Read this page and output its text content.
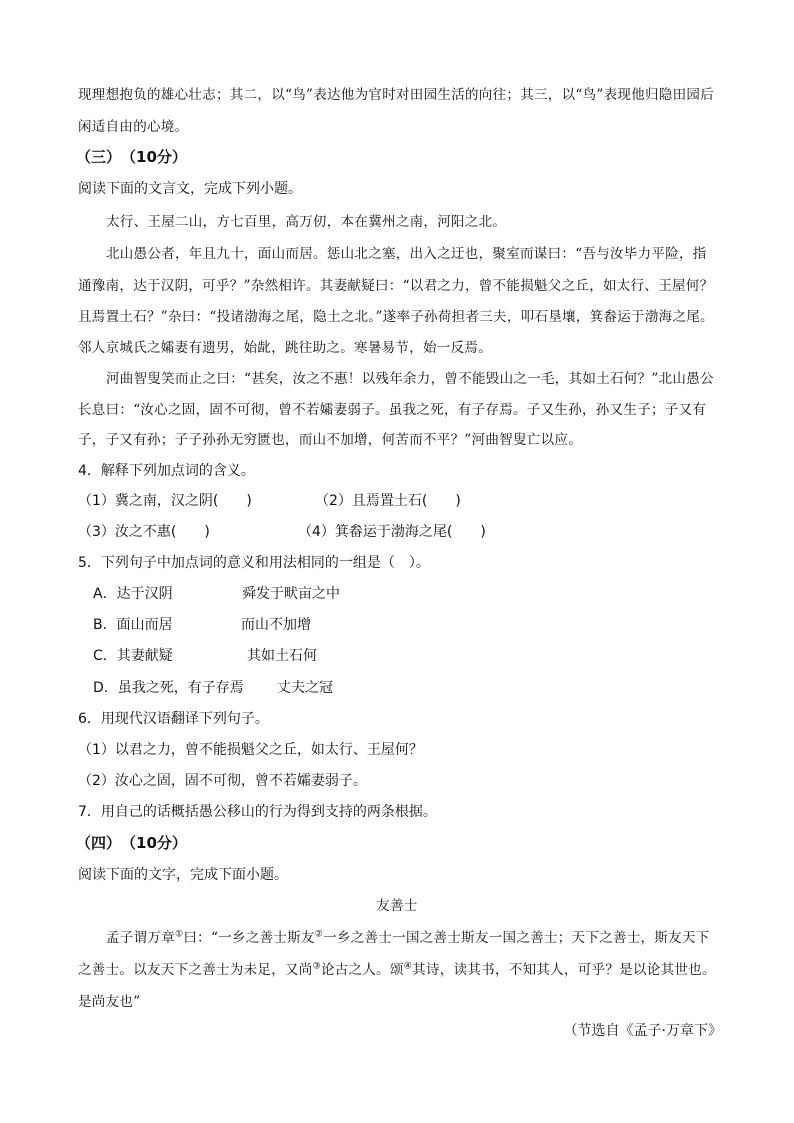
现理想抱负的雄心壮志；其二，以“鸟”表达他为官时对田园生活的向往；其三，以“鸟”表现他归隐田园后
闲适自由的心境。
（三）　（10分）
阅读下面的文言文，完成下列小题。
太行、王屋二山，方七百里，高万仞，本在冀州之南，河阳之北。
北山愚公者，年且九十，面山而居。惩山北之塞，出入之迂也，聚室而谋曰：“吾与汝毕力平险，指
通豫南，达于汉阴，可乎？”杂然相许。其妻献疑曰：“以君之力，曾不能损魁父之丘，如太行、王屋何？
且焉置土石？”杂曰：“投诸渤海之尾，隐土之北。”遂率子孙荷担者三夫，叩石垦壤，箕畚运于渤海之尾。
邻人京城氏之孀妻有遗男，始龀，跳往助之。寒暑易节，始一反焉。
河曲智叟笑而止之曰：“甚矣，汝之不惠！以残年余力，曾不能毁山之一毛，其如土石何？”北山愚公
长息曰：“汝心之固，固不可彻，曾不若孀妻弱子。虽我之死，有子存焉。子又生孙，孙又生子；子又有
子，子又有孙；子子孙孙无穷匮也，而山不加增，何苦而不平？”河曲智叟亡以应。
4．解释下列加点词的含义。
（1）冀之南，汉之阴(　　)	（2）且焉置土石(　　)
（3）汝之不惠(　　)	（4）箕畚运于渤海之尾(　　)
5．下列句子中加点词的意义和用法相同的一组是（　）。
A．达于汉阴	舜发于畎亩之中
B．面山而居	而山不加增
C．其妻献疑	其如土石何
D．虽我之死，有子存焉 丈夫之冠
6．用现代汉语翻译下列句子。
（1）以君之力，曾不能损魁父之丘，如太行、王屋何？
（2）汝心之固，固不可彻，曾不若孀妻弱子。
7．用自己的话概括愚公移山的行为得到支持的两条根据。
（四）　（10分）
阅读下面的文字，完成下面小题。
友善士
孟子谓万章①曰：“一乡之善士斯友②一乡之善士一国之善士斯友一国之善士；天下之善士，斯友天下
之善士。以友天下之善士为未足，又尚③论古之人。颂④其诗，读其书，不知其人，可乎？是以论其世也。
是尚友也”
（节选自《孟子·万章下》
